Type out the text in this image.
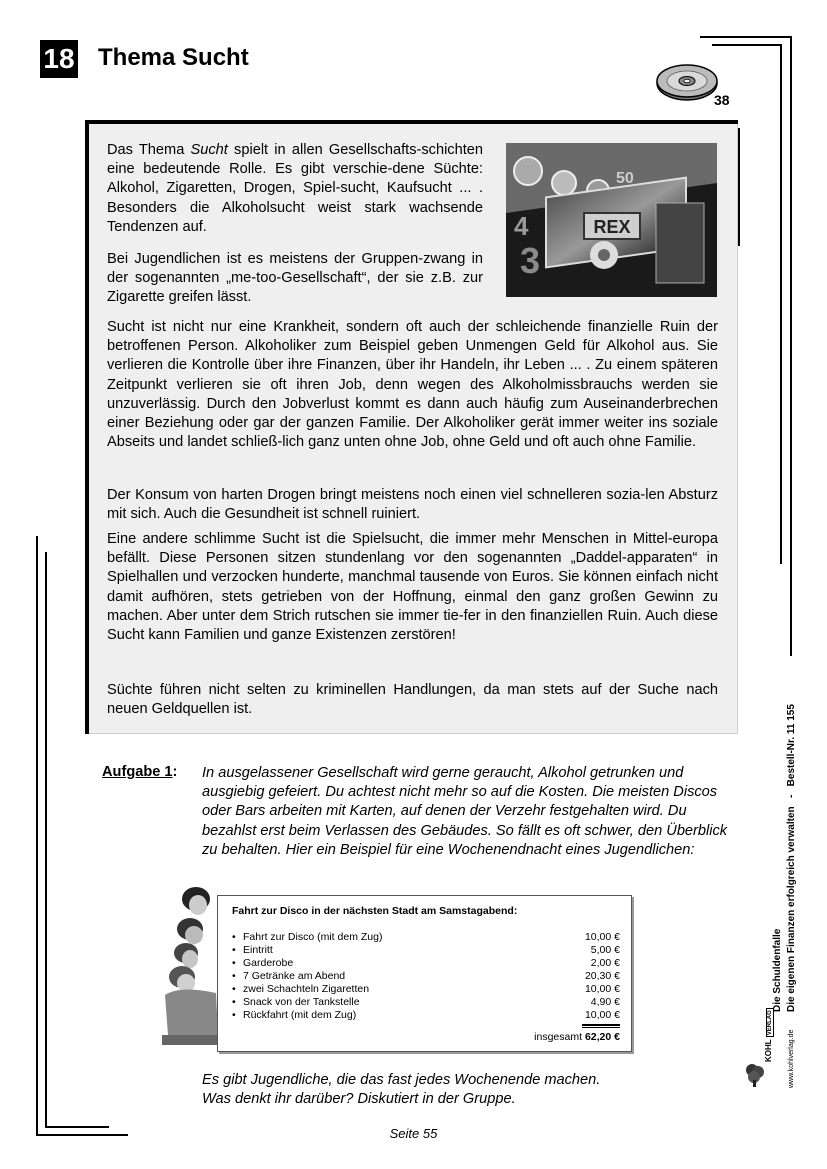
18 Thema Sucht
38
Das Thema Sucht spielt in allen Gesellschafts-schichten eine bedeutende Rolle. Es gibt verschie-dene Süchte: Alkohol, Zigaretten, Drogen, Spiel-sucht, Kaufsucht ... . Besonders die Alkoholsucht weist stark wachsende Tendenzen auf.
Bei Jugendlichen ist es meistens der Gruppen-zwang in der sogenannten „me-too-Gesellschaft“, der sie z.B. zur Zigarette greifen lässt.
REX
3
4
50
Sucht ist nicht nur eine Krankheit, sondern oft auch der schleichende finanzielle Ruin der betroffenen Person. Alkoholiker zum Beispiel geben Unmengen Geld für Alkohol aus. Sie verlieren die Kontrolle über ihre Finanzen, über ihr Handeln, ihr Leben ... . Zu einem späteren Zeitpunkt verlieren sie oft ihren Job, denn wegen des Alkoholmissbrauchs werden sie unzuverlässig. Durch den Jobverlust kommt es dann auch häufig zum Auseinanderbrechen einer Beziehung oder gar der ganzen Familie. Der Alkoholiker gerät immer weiter ins soziale Abseits und landet schließ-lich ganz unten ohne Job, ohne Geld und oft auch ohne Familie.
Der Konsum von harten Drogen bringt meistens noch einen viel schnelleren sozia-len Absturz mit sich. Auch die Gesundheit ist schnell ruiniert.
Eine andere schlimme Sucht ist die Spielsucht, die immer mehr Menschen in Mittel-europa befällt. Diese Personen sitzen stundenlang vor den sogenannten „Daddel-apparaten“ in Spielhallen und verzocken hunderte, manchmal tausende von Euros. Sie können einfach nicht damit aufhören, stets getrieben von der Hoffnung, einmal den ganz großen Gewinn zu machen. Aber unter dem Strich rutschen sie immer tie-fer in den finanziellen Ruin. Auch diese Sucht kann Familien und ganze Existenzen zerstören!
Süchte führen nicht selten zu kriminellen Handlungen, da man stets auf der Suche nach neuen Geldquellen ist.
Aufgabe 1: In ausgelassener Gesellschaft wird gerne geraucht, Alkohol getrunken und ausgiebig gefeiert. Du achtest nicht mehr so auf die Kosten. Die meisten Discos oder Bars arbeiten mit Karten, auf denen der Verzehr festgehalten wird. Du bezahlst erst beim Verlassen des Gebäudes. So fällt es oft schwer, den Überblick zu behalten. Hier ein Beispiel für eine Wochenendnacht eines Jugendlichen:
Fahrt zur Disco in der nächsten Stadt am Samstagabend:
• Fahrt zur Disco (mit dem Zug)	10,00 €
• Eintritt	5,00 €
• Garderobe	2,00 €
• 7 Getränke am Abend	20,30 €
• zwei Schachteln Zigaretten	10,00 €
• Snack von der Tankstelle	4,90 €
• Rückfahrt (mit dem Zug)	10,00 €
insgesamt 62,20 €
Es gibt Jugendliche, die das fast jedes Wochenende machen.
Was denkt ihr darüber? Diskutiert in der Gruppe.
Seite 55
Die Schuldenfalle Die eigenen Finanzen erfolgreich verwalten   -   Bestell-Nr. 11 155
KOHL VERLAG
www.kohlverlag.de
